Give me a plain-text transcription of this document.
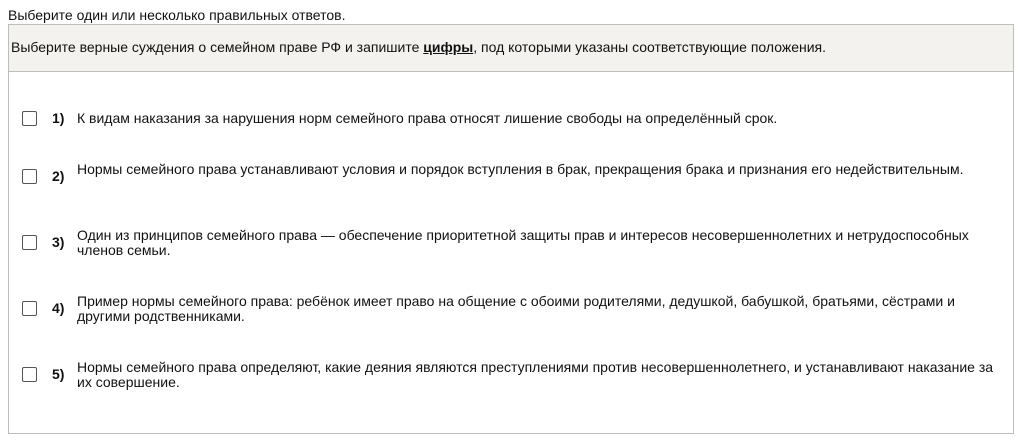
Выберите один или несколько правильных ответов.
Выберите верные суждения о семейном праве РФ и запишите цифры, под которыми указаны соответствующие положения.
1) К видам наказания за нарушения норм семейного права относят лишение свободы на определённый срок.
2) Нормы семейного права устанавливают условия и порядок вступления в брак, прекращения брака и признания его недействительным.
3) Один из принципов семейного права — обеспечение приоритетной защиты прав и интересов несовершеннолетних и нетрудоспособных членов семьи.
4) Пример нормы семейного права: ребёнок имеет право на общение с обоими родителями, дедушкой, бабушкой, братьями, сёстрами и другими родственниками.
5) Нормы семейного права определяют, какие деяния являются преступлениями против несовершеннолетнего, и устанавливают наказание за их совершение.
